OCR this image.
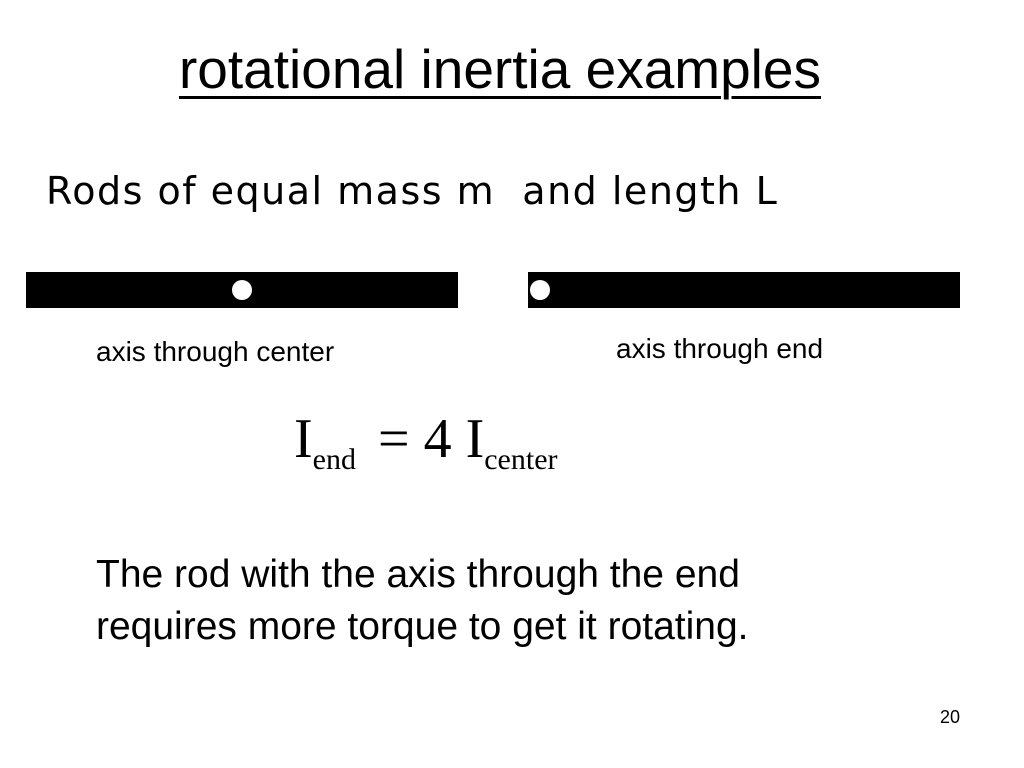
rotational inertia examples
Rods of equal mass m  and length L
axis through center	axis through end
$I_{end} = 4$ $I_{center}$
The rod with the axis through the end
requires more torque to get it rotating.
20
